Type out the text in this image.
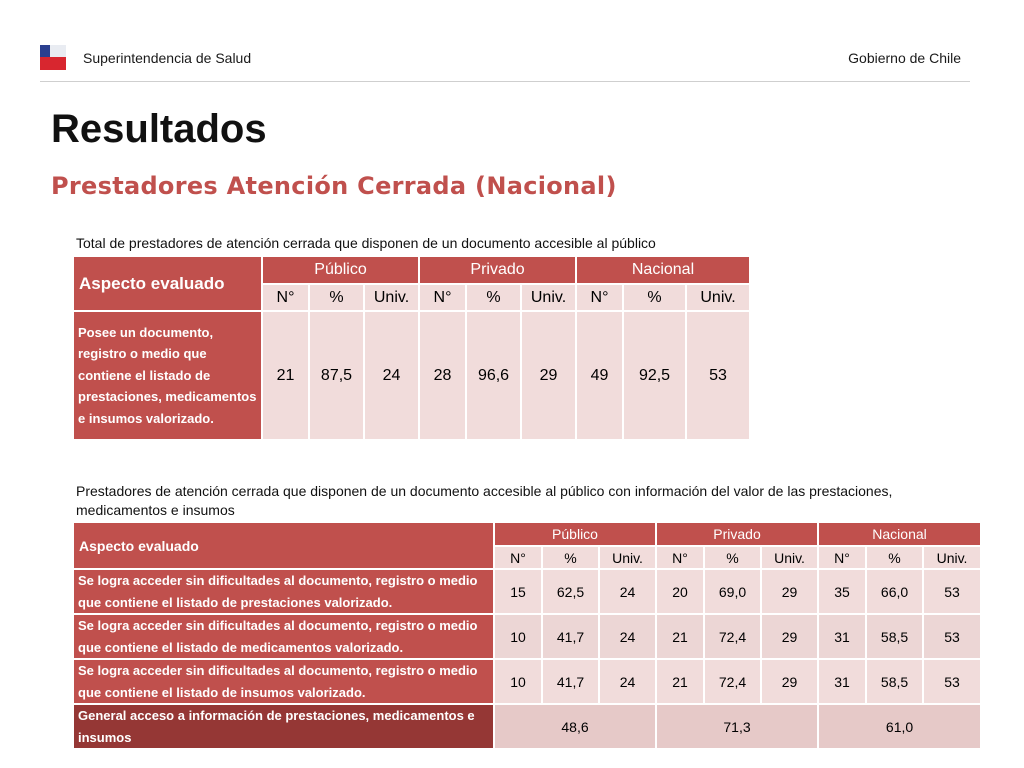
Superintendencia de Salud	Gobierno de Chile
Resultados
Prestadores Atención Cerrada (Nacional)
Total de prestadores de atención cerrada que disponen de un documento accesible al público
Aspecto evaluado	Público			Privado			Nacional		
	N°	%	Univ.	N°	%	Univ.	N°	%	Univ.
Posee un documento, registro o medio que contiene el listado de prestaciones, medicamentos e insumos valorizado.	21	87,5	24	28	96,6	29	49	92,5	53
Prestadores de atención cerrada que disponen de un documento accesible al público con información del valor de las prestaciones, medicamentos e insumos
Aspecto evaluado	Público			Privado			Nacional		
	N°	%	Univ.	N°	%	Univ.	N°	%	Univ.
Se logra acceder sin dificultades al documento, registro o medio que contiene el listado de prestaciones valorizado.	15	62,5	24	20	69,0	29	35	66,0	53
Se logra acceder sin dificultades al documento, registro o medio que contiene el listado de medicamentos valorizado.	10	41,7	24	21	72,4	29	31	58,5	53
Se logra acceder sin dificultades al documento, registro o medio que contiene el listado de insumos valorizado.	10	41,7	24	21	72,4	29	31	58,5	53
General acceso a información de prestaciones, medicamentos e insumos	48,6			71,3			61,0		
